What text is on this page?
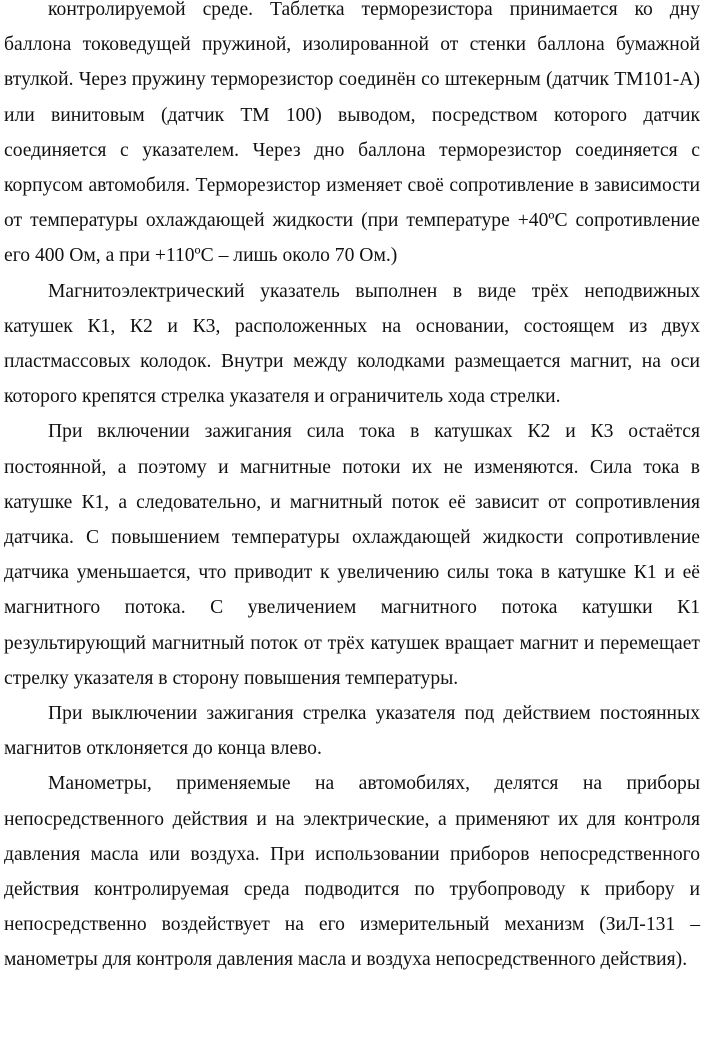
контролируемой среде. Таблетка терморезистора принимается ко дну баллона токоведущей пружиной, изолированной от стенки баллона бумажной втулкой. Через пружину терморезистор соединён со штекерным (датчик ТМ101-А) или винитовым (датчик ТМ 100) выводом, посредством которого датчик соединяется с указателем. Через дно баллона терморезистор соединяется с корпусом автомобиля. Терморезистор изменяет своё сопротивление в зависимости от температуры охлаждающей жидкости (при температуре +40ºС сопротивление его 400 Ом, а при +110ºС – лишь около 70 Ом.)

Магнитоэлектрический указатель выполнен в виде трёх неподвижных катушек К1, К2 и К3, расположенных на основании, состоящем из двух пластмассовых колодок. Внутри между колодками размещается магнит, на оси которого крепятся стрелка указателя и ограничитель хода стрелки.

При включении зажигания сила тока в катушках К2 и К3 остаётся постоянной, а поэтому и магнитные потоки их не изменяются. Сила тока в катушке К1, а следовательно, и магнитный поток её зависит от сопротивления датчика. С повышением температуры охлаждающей жидкости сопротивление датчика уменьшается, что приводит к увеличению силы тока в катушке К1 и её магнитного потока. С увеличением магнитного потока катушки К1 результирующий магнитный поток от трёх катушек вращает магнит и перемещает стрелку указателя в сторону повышения температуры.

При выключении зажигания стрелка указателя под действием постоянных магнитов отклоняется до конца влево.

Манометры, применяемые на автомобилях, делятся на приборы непосредственного действия и на электрические, а применяют их для контроля давления масла или воздуха. При использовании приборов непосредственного действия контролируемая среда подводится по трубопроводу к прибору и непосредственно воздействует на его измерительный механизм (ЗиЛ-131 – манометры для контроля давления масла и воздуха непосредственного действия).
